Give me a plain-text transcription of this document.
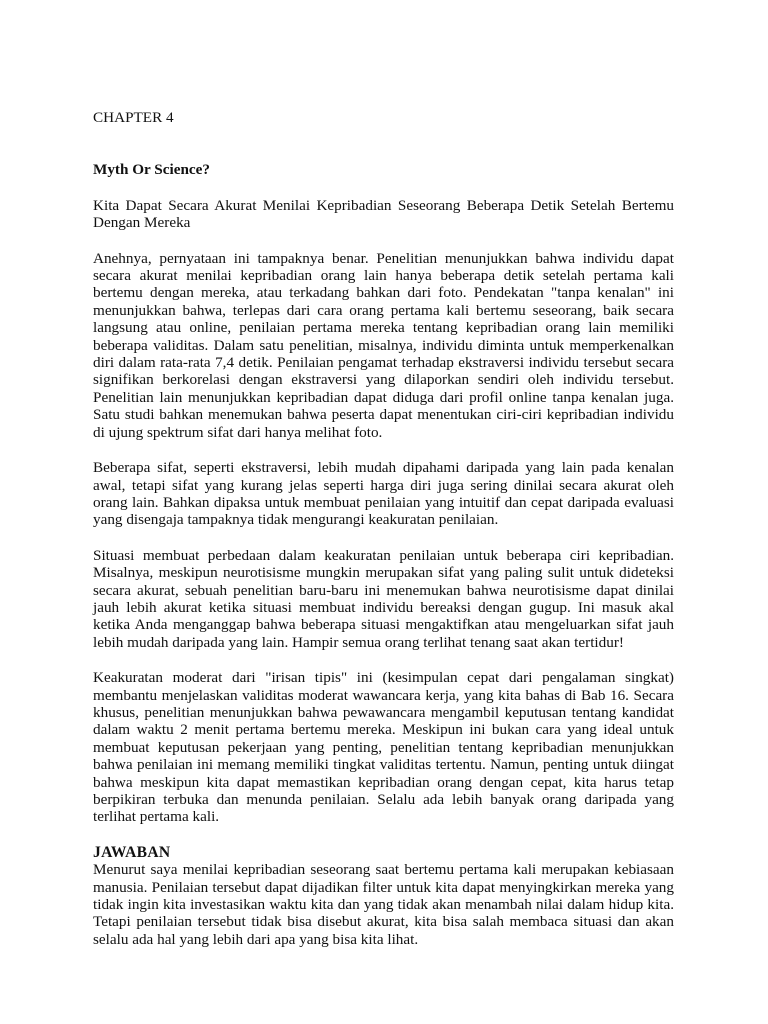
CHAPTER 4

Myth Or Science?

Kita Dapat Secara Akurat Menilai Kepribadian Seseorang Beberapa Detik Setelah Bertemu Dengan Mereka

Anehnya, pernyataan ini tampaknya benar. Penelitian menunjukkan bahwa individu dapat secara akurat menilai kepribadian orang lain hanya beberapa detik setelah pertama kali bertemu dengan mereka, atau terkadang bahkan dari foto. Pendekatan "tanpa kenalan" ini menunjukkan bahwa, terlepas dari cara orang pertama kali bertemu seseorang, baik secara langsung atau online, penilaian pertama mereka tentang kepribadian orang lain memiliki beberapa validitas. Dalam satu penelitian, misalnya, individu diminta untuk memperkenalkan diri dalam rata-rata 7,4 detik. Penilaian pengamat terhadap ekstraversi individu tersebut secara signifikan berkorelasi dengan ekstraversi yang dilaporkan sendiri oleh individu tersebut. Penelitian lain menunjukkan kepribadian dapat diduga dari profil online tanpa kenalan juga. Satu studi bahkan menemukan bahwa peserta dapat menentukan ciri-ciri kepribadian individu di ujung spektrum sifat dari hanya melihat foto.

Beberapa sifat, seperti ekstraversi, lebih mudah dipahami daripada yang lain pada kenalan awal, tetapi sifat yang kurang jelas seperti harga diri juga sering dinilai secara akurat oleh orang lain. Bahkan dipaksa untuk membuat penilaian yang intuitif dan cepat daripada evaluasi yang disengaja tampaknya tidak mengurangi keakuratan penilaian.

Situasi membuat perbedaan dalam keakuratan penilaian untuk beberapa ciri kepribadian. Misalnya, meskipun neurotisisme mungkin merupakan sifat yang paling sulit untuk dideteksi secara akurat, sebuah penelitian baru-baru ini menemukan bahwa neurotisisme dapat dinilai jauh lebih akurat ketika situasi membuat individu bereaksi dengan gugup. Ini masuk akal ketika Anda menganggap bahwa beberapa situasi mengaktifkan atau mengeluarkan sifat jauh lebih mudah daripada yang lain. Hampir semua orang terlihat tenang saat akan tertidur!

Keakuratan moderat dari "irisan tipis" ini (kesimpulan cepat dari pengalaman singkat) membantu menjelaskan validitas moderat wawancara kerja, yang kita bahas di Bab 16. Secara khusus, penelitian menunjukkan bahwa pewawancara mengambil keputusan tentang kandidat dalam waktu 2 menit pertama bertemu mereka. Meskipun ini bukan cara yang ideal untuk membuat keputusan pekerjaan yang penting, penelitian tentang kepribadian menunjukkan bahwa penilaian ini memang memiliki tingkat validitas tertentu. Namun, penting untuk diingat bahwa meskipun kita dapat memastikan kepribadian orang dengan cepat, kita harus tetap berpikiran terbuka dan menunda penilaian. Selalu ada lebih banyak orang daripada yang terlihat pertama kali.

JAWABAN

Menurut saya menilai kepribadian seseorang saat bertemu pertama kali merupakan kebiasaan manusia. Penilaian tersebut dapat dijadikan filter untuk kita dapat menyingkirkan mereka yang tidak ingin kita investasikan waktu kita dan yang tidak akan menambah nilai dalam hidup kita. Tetapi penilaian tersebut tidak bisa disebut akurat, kita bisa salah membaca situasi dan akan selalu ada hal yang lebih dari apa yang bisa kita lihat.
